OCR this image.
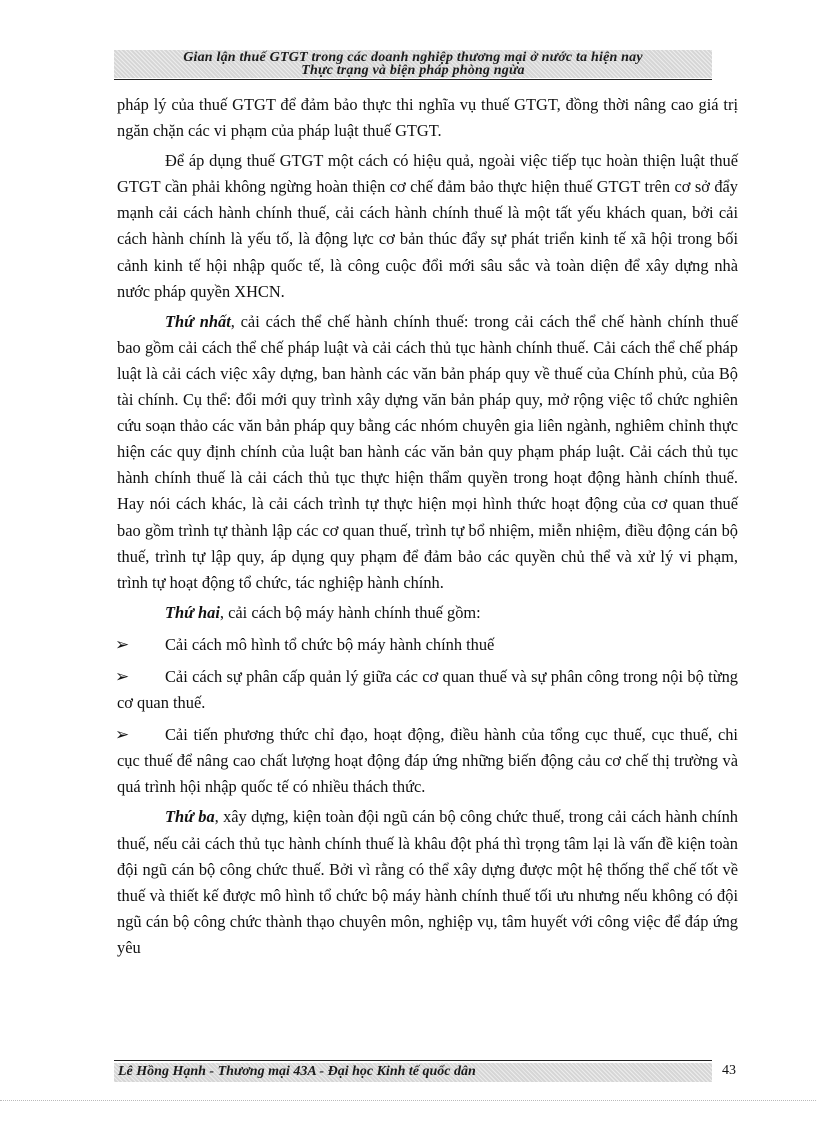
Gian lận thuế GTGT trong các doanh nghiệp thương mại ở nước ta hiện nay
Thực trạng và biện pháp phòng ngừa

pháp lý của thuế GTGT để đảm bảo thực thi nghĩa vụ thuế GTGT, đồng thời nâng cao giá trị ngăn chặn các vi phạm của pháp luật thuế GTGT.

Để áp dụng thuế GTGT một cách có hiệu quả, ngoài việc tiếp tục hoàn thiện luật thuế GTGT cần phải không ngừng hoàn thiện cơ chế đảm bảo thực hiện thuế GTGT trên cơ sở đẩy mạnh cải cách hành chính thuế, cải cách hành chính thuế là một tất yếu khách quan, bởi cải cách hành chính là yếu tố, là động lực cơ bản thúc đẩy sự phát triển kinh tế xã hội trong bối cảnh kinh tế hội nhập quốc tế, là công cuộc đổi mới sâu sắc và toàn diện để xây dựng nhà nước pháp quyền XHCN.

Thứ nhất, cải cách thể chế hành chính thuế: trong cải cách thể chế hành chính thuế bao gồm cải cách thể chế pháp luật và cải cách thủ tục hành chính thuế. Cải cách thể chế pháp luật là cải cách việc xây dựng, ban hành các văn bản pháp quy về thuế của Chính phủ, của Bộ tài chính. Cụ thể: đổi mới quy trình xây dựng văn bản pháp quy, mở rộng việc tổ chức nghiên cứu soạn thảo các văn bản pháp quy bằng các nhóm chuyên gia liên ngành, nghiêm chỉnh thực hiện các quy định chính của luật ban hành các văn bản quy phạm pháp luật. Cải cách thủ tục hành chính thuế là cải cách thủ tục thực hiện thẩm quyền trong hoạt động hành chính thuế. Hay nói cách khác, là cải cách trình tự thực hiện mọi hình thức hoạt động của cơ quan thuế bao gồm trình tự thành lập các cơ quan thuế, trình tự bổ nhiệm, miễn nhiệm, điều động cán bộ thuế, trình tự lập quy, áp dụng quy phạm để đảm bảo các quyền chủ thể và xử lý vi phạm, trình tự hoạt động tổ chức, tác nghiệp hành chính.

Thứ hai, cải cách bộ máy hành chính thuế gồm:

➢	Cải cách mô hình tổ chức bộ máy hành chính thuế
➢	Cải cách sự phân cấp quản lý giữa các cơ quan thuế và sự phân công trong nội bộ từng cơ quan thuế.
➢	Cải tiến phương thức chỉ đạo, hoạt động, điều hành của tổng cục thuế, cục thuế, chi cục thuế để nâng cao chất lượng hoạt động đáp ứng những biến động cảu cơ chế thị trường và quá trình hội nhập quốc tế có nhiều thách thức.

Thứ ba, xây dựng, kiện toàn đội ngũ cán bộ công chức thuế, trong cải cách hành chính thuế, nếu cải cách thủ tục hành chính thuế là khâu đột phá thì trọng tâm lại là vấn đề kiện toàn đội ngũ cán bộ công chức thuế. Bởi vì rằng có thể xây dựng được một hệ thống thể chế tốt về thuế và thiết kế được mô hình tổ chức bộ máy hành chính thuế tối ưu nhưng nếu không có đội ngũ cán bộ công chức thành thạo chuyên môn, nghiệp vụ, tâm huyết với công việc để đáp ứng yêu

Lê Hồng Hạnh - Thương mại 43A - Đại học Kinh tế quốc dân	43
